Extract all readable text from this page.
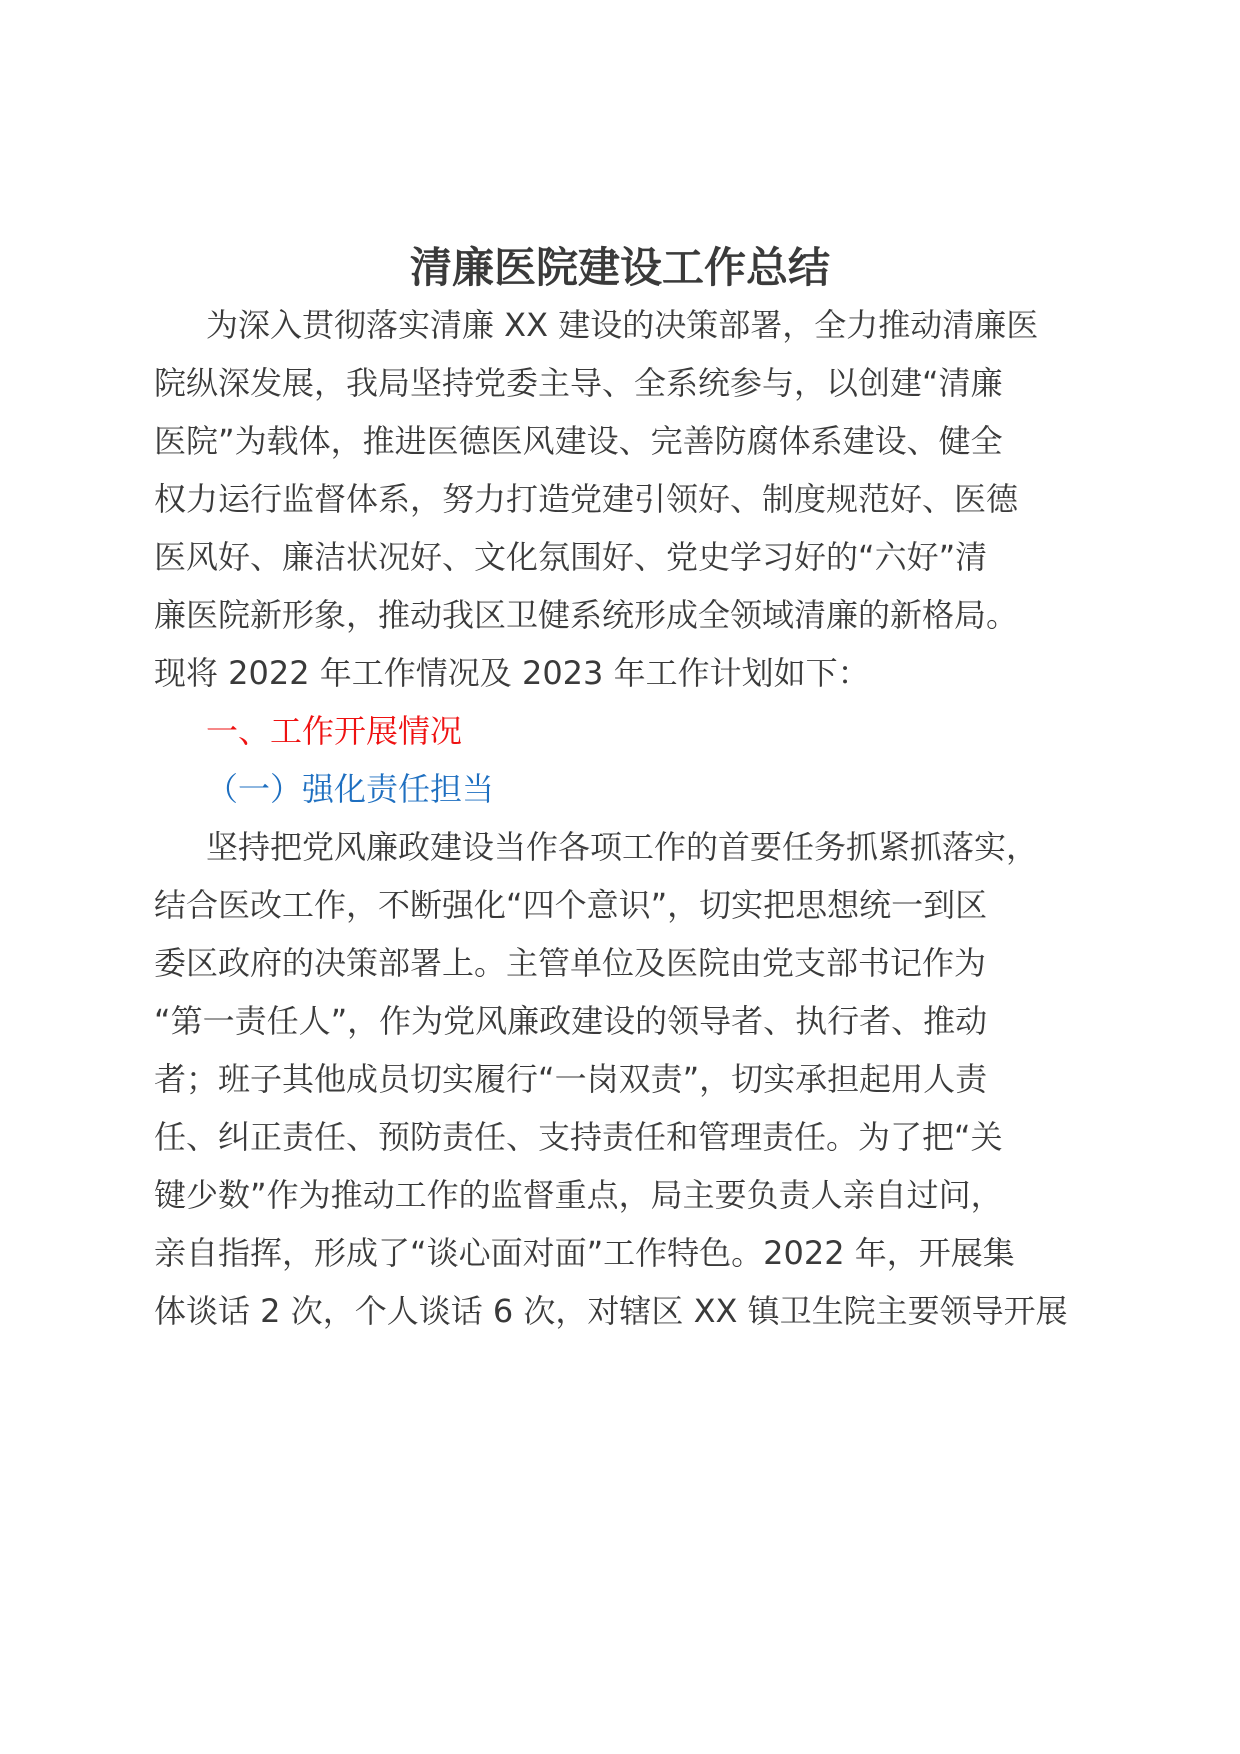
清廉医院建设工作总结

为深入贯彻落实清廉 XX 建设的决策部署，全力推动清廉医

院纵深发展，我局坚持党委主导、全系统参与，以创建“清廉

医院”为载体，推进医德医风建设、完善防腐体系建设、健全

权力运行监督体系，努力打造党建引领好、制度规范好、医德

医风好、廉洁状况好、文化氛围好、党史学习好的“六好”清

廉医院新形象，推动我区卫健系统形成全领域清廉的新格局。

现将 2022 年工作情况及 2023 年工作计划如下：

一、工作开展情况

（一）强化责任担当

坚持把党风廉政建设当作各项工作的首要任务抓紧抓落实，

结合医改工作，不断强化“四个意识”，切实把思想统一到区

委区政府的决策部署上。主管单位及医院由党支部书记作为

“第一责任人”，作为党风廉政建设的领导者、执行者、推动

者；班子其他成员切实履行“一岗双责”，切实承担起用人责

任、纠正责任、预防责任、支持责任和管理责任。为了把“关

键少数”作为推动工作的监督重点，局主要负责人亲自过问，

亲自指挥，形成了“谈心面对面”工作特色。2022 年，开展集

体谈话 2 次，个人谈话 6 次，对辖区 XX 镇卫生院主要领导开展
